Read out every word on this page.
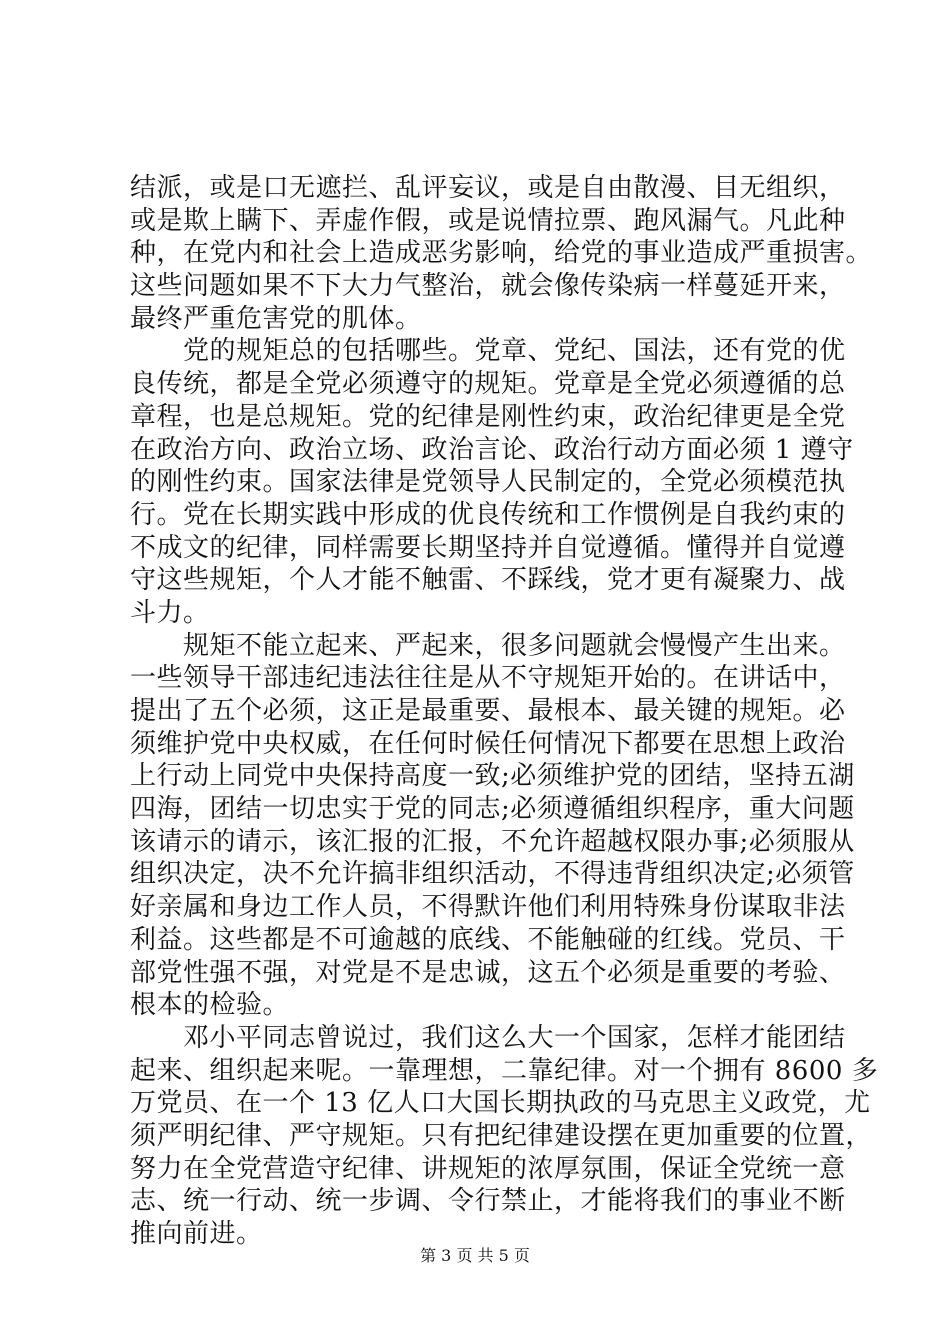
结派，或是口无遮拦、乱评妄议，或是自由散漫、目无组织，
或是欺上瞒下、弄虚作假，或是说情拉票、跑风漏气。凡此种
种，在党内和社会上造成恶劣影响，给党的事业造成严重损害。
这些问题如果不下大力气整治，就会像传染病一样蔓延开来，
最终严重危害党的肌体。
　　党的规矩总的包括哪些。党章、党纪、国法，还有党的优
良传统，都是全党必须遵守的规矩。党章是全党必须遵循的总
章程，也是总规矩。党的纪律是刚性约束，政治纪律更是全党
在政治方向、政治立场、政治言论、政治行动方面必须 1 遵守
的刚性约束。国家法律是党领导人民制定的，全党必须模范执
行。党在长期实践中形成的优良传统和工作惯例是自我约束的
不成文的纪律，同样需要长期坚持并自觉遵循。懂得并自觉遵
守这些规矩，个人才能不触雷、不踩线，党才更有凝聚力、战
斗力。
　　规矩不能立起来、严起来，很多问题就会慢慢产生出来。
一些领导干部违纪违法往往是从不守规矩开始的。在讲话中，
提出了五个必须，这正是最重要、最根本、最关键的规矩。必
须维护党中央权威，在任何时候任何情况下都要在思想上政治
上行动上同党中央保持高度一致;必须维护党的团结，坚持五湖
四海，团结一切忠实于党的同志;必须遵循组织程序，重大问题
该请示的请示，该汇报的汇报，不允许超越权限办事;必须服从
组织决定，决不允许搞非组织活动，不得违背组织决定;必须管
好亲属和身边工作人员，不得默许他们利用特殊身份谋取非法
利益。这些都是不可逾越的底线、不能触碰的红线。党员、干
部党性强不强，对党是不是忠诚，这五个必须是重要的考验、
根本的检验。
　　邓小平同志曾说过，我们这么大一个国家，怎样才能团结
起来、组织起来呢。一靠理想，二靠纪律。对一个拥有 8600 多
万党员、在一个 13 亿人口大国长期执政的马克思主义政党，尤
须严明纪律、严守规矩。只有把纪律建设摆在更加重要的位置，
努力在全党营造守纪律、讲规矩的浓厚氛围，保证全党统一意
志、统一行动、统一步调、令行禁止，才能将我们的事业不断
推向前进。
第 3 页 共 5 页
